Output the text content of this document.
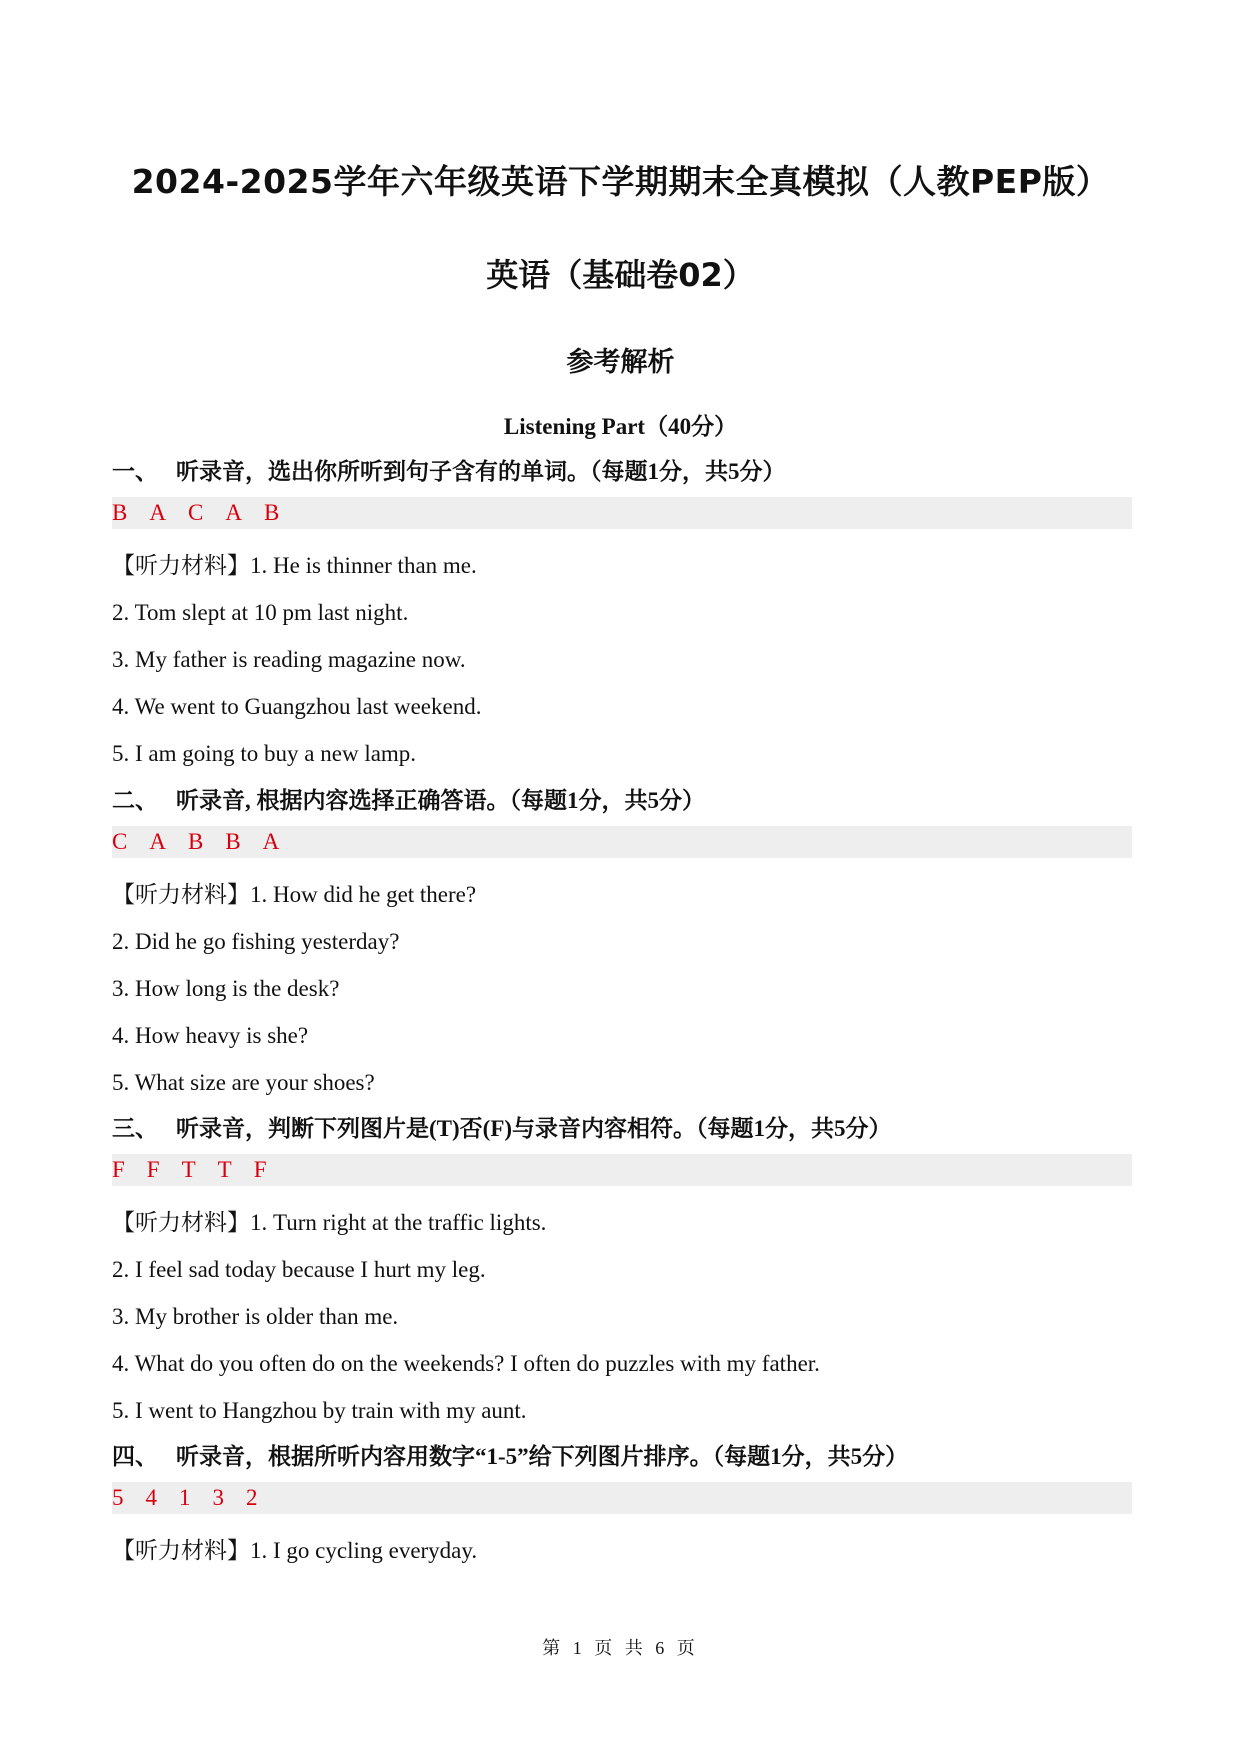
2024-2025学年六年级英语下学期期末全真模拟（人教PEP版）
英语（基础卷02）
参考解析
Listening Part（40分）
一、 听录音，选出你所听到句子含有的单词。（每题1分，共5分）
B A C A B
【听力材料】1. He is thinner than me.
2. Tom slept at 10 pm last night.
3. My father is reading magazine now.
4. We went to Guangzhou last weekend.
5. I am going to buy a new lamp.
二、 听录音, 根据内容选择正确答语。（每题1分，共5分）
C A B B A
【听力材料】1. How did he get there?
2. Did he go fishing yesterday?
3. How long is the desk?
4. How heavy is she?
5. What size are your shoes?
三、 听录音，判断下列图片是(T)否(F)与录音内容相符。（每题1分，共5分）
F F T T F
【听力材料】1. Turn right at the traffic lights.
2. I feel sad today because I hurt my leg.
3. My brother is older than me.
4. What do you often do on the weekends? I often do puzzles with my father.
5. I went to Hangzhou by train with my aunt.
四、 听录音，根据所听内容用数字“1-5”给下列图片排序。（每题1分，共5分）
5 4 1 3 2
【听力材料】1. I go cycling everyday.
第 1 页 共 6 页
